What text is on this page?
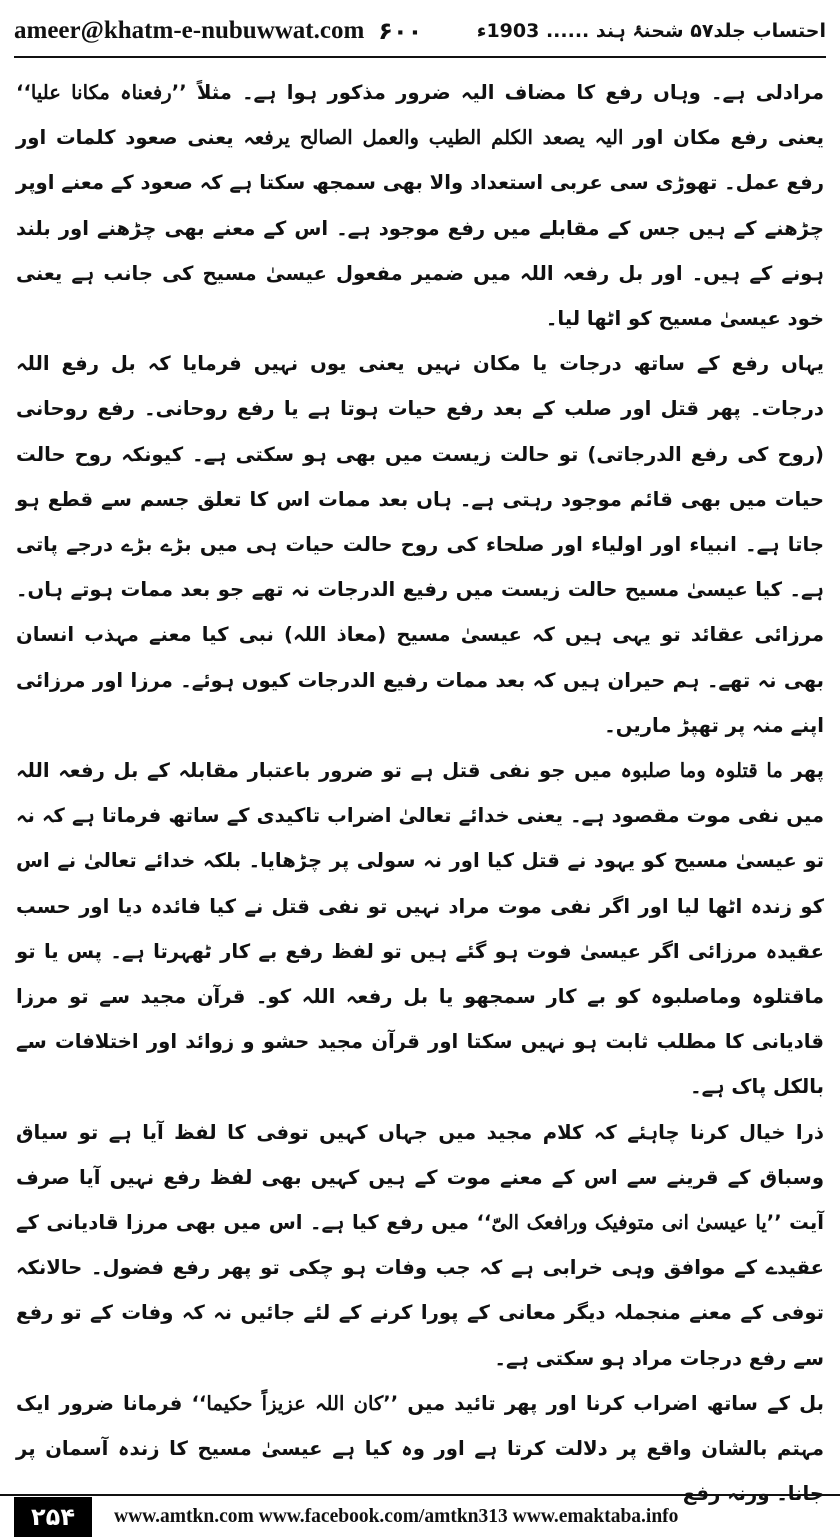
ameer@khatm-e-nubuwwat.com ۶۰۰	احتساب جلد۵۷ شحنۂ ہند ...... 1903ء

مرادلی ہے۔ وہاں رفع کا مضاف الیہ ضرور مذکور ہوا ہے۔ مثلاً ’’رفعناہ مکانا علیا‘‘ یعنی رفع مکان اور الیہ یصعد الکلم الطیب والعمل الصالح یرفعہ یعنی صعود کلمات اور رفع عمل۔ تھوڑی سی عربی استعداد والا بھی سمجھ سکتا ہے کہ صعود کے معنے اوپر چڑھنے کے ہیں جس کے مقابلے میں رفع موجود ہے۔ اس کے معنے بھی چڑھنے اور بلند ہونے کے ہیں۔ اور بل رفعہ اللہ میں ضمیر مفعول عیسیٰ مسیح کی جانب ہے یعنی خود عیسیٰ مسیح کو اٹھا لیا۔

یہاں رفع کے ساتھ درجات یا مکان نہیں یعنی یوں نہیں فرمایا کہ بل رفع اللہ درجات۔ پھر قتل اور صلب کے بعد رفع حیات ہوتا ہے یا رفع روحانی۔ رفع روحانی (روح کی رفع الدرجاتی) تو حالت زیست میں بھی ہو سکتی ہے۔ کیونکہ روح حالت حیات میں بھی قائم موجود رہتی ہے۔ ہاں بعد ممات اس کا تعلق جسم سے قطع ہو جاتا ہے۔ انبیاء اور اولیاء اور صلحاء کی روح حالت حیات ہی میں بڑے بڑے درجے پاتی ہے۔ کیا عیسیٰ مسیح حالت زیست میں رفیع الدرجات نہ تھے جو بعد ممات ہوتے ہاں۔ مرزائی عقائد تو یہی ہیں کہ عیسیٰ مسیح (معاذ اللہ) نبی کیا معنے مہذب انسان بھی نہ تھے۔ ہم حیران ہیں کہ بعد ممات رفیع الدرجات کیوں ہوئے۔ مرزا اور مرزائی اپنے منہ پر تھپڑ ماریں۔

پھر ما قتلوہ وما صلبوہ میں جو نفی قتل ہے تو ضرور باعتبار مقابلہ کے بل رفعہ اللہ میں نفی موت مقصود ہے۔ یعنی خدائے تعالیٰ اضراب تاکیدی کے ساتھ فرماتا ہے کہ نہ تو عیسیٰ مسیح کو یہود نے قتل کیا اور نہ سولی پر چڑھایا۔ بلکہ خدائے تعالیٰ نے اس کو زندہ اٹھا لیا اور اگر نفی موت مراد نہیں تو نفی قتل نے کیا فائدہ دیا اور حسب عقیدہ مرزائی اگر عیسیٰ فوت ہو گئے ہیں تو لفظ رفع بے کار ٹھہرتا ہے۔ پس یا تو ماقتلوہ وماصلبوہ کو بے کار سمجھو یا بل رفعہ اللہ کو۔ قرآن مجید سے تو مرزا قادیانی کا مطلب ثابت ہو نہیں سکتا اور قرآن مجید حشو و زوائد اور اختلافات سے بالکل پاک ہے۔

ذرا خیال کرنا چاہئے کہ کلام مجید میں جہاں کہیں توفی کا لفظ آیا ہے تو سیاق وسباق کے قرینے سے اس کے معنے موت کے ہیں کہیں بھی لفظ رفع نہیں آیا صرف آیت ’’یا عیسیٰ انی متوفیک ورافعک الیّ‘‘ میں رفع کیا ہے۔ اس میں بھی مرزا قادیانی کے عقیدے کے موافق وہی خرابی ہے کہ جب وفات ہو چکی تو پھر رفع فضول۔ حالانکہ توفی کے معنے منجملہ دیگر معانی کے پورا کرنے کے لئے جائیں نہ کہ وفات کے تو رفع سے رفع درجات مراد ہو سکتی ہے۔

بل کے ساتھ اضراب کرنا اور پھر تائید میں ’’کان اللہ عزیزاً حکیما‘‘ فرمانا ضرور ایک مہتم بالشان واقع پر دلالت کرتا ہے اور وہ کیا ہے عیسیٰ مسیح کا زندہ آسمان پر جانا۔ ورنہ رفع

۲۵۴	www.amtkn.com www.facebook.com/amtkn313 www.emaktaba.info
